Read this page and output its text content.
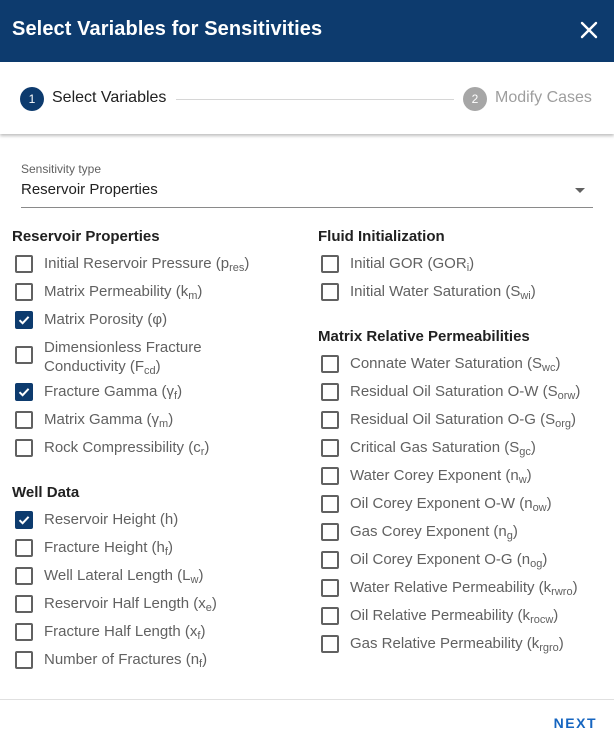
Select Variables for Sensitivities
1	Select Variables	2	Modify Cases
Sensitivity type
Reservoir Properties
Reservoir Properties
Well Data
Fluid Initialization
Matrix Relative Permeabilities
Initial Reservoir Pressure $(p_{res})$
Matrix Permeability $(k_m)$
Matrix Porosity (φ)
Dimensionless Fracture Conductivity $(F_{cd})$
Fracture Gamma $(\gamma_f)$
Matrix Gamma $(\gamma_m)$
Rock Compressibility $(c_r)$
Reservoir Height (h)
Fracture Height $(h_f)$
Well Lateral Length $(L_w)$
Reservoir Half Length $(x_e)$
Fracture Half Length $(x_f)$
Number of Fractures $(n_f)$
Initial GOR $(GOR_i)$
Initial Water Saturation $(S_{wi})$
Connate Water Saturation $(S_{wc})$
Residual Oil Saturation O-W $(S_{orw})$
Residual Oil Saturation O-G $(S_{org})$
Critical Gas Saturation $(S_{gc})$
Water Corey Exponent $(n_w)$
Oil Corey Exponent O-W $(n_{ow})$
Gas Corey Exponent $(n_g)$
Oil Corey Exponent O-G $(n_{og})$
Water Relative Permeability $(k_{rwro})$
Oil Relative Permeability $(k_{rocw})$
Gas Relative Permeability $(k_{rgro})$
NEXT
